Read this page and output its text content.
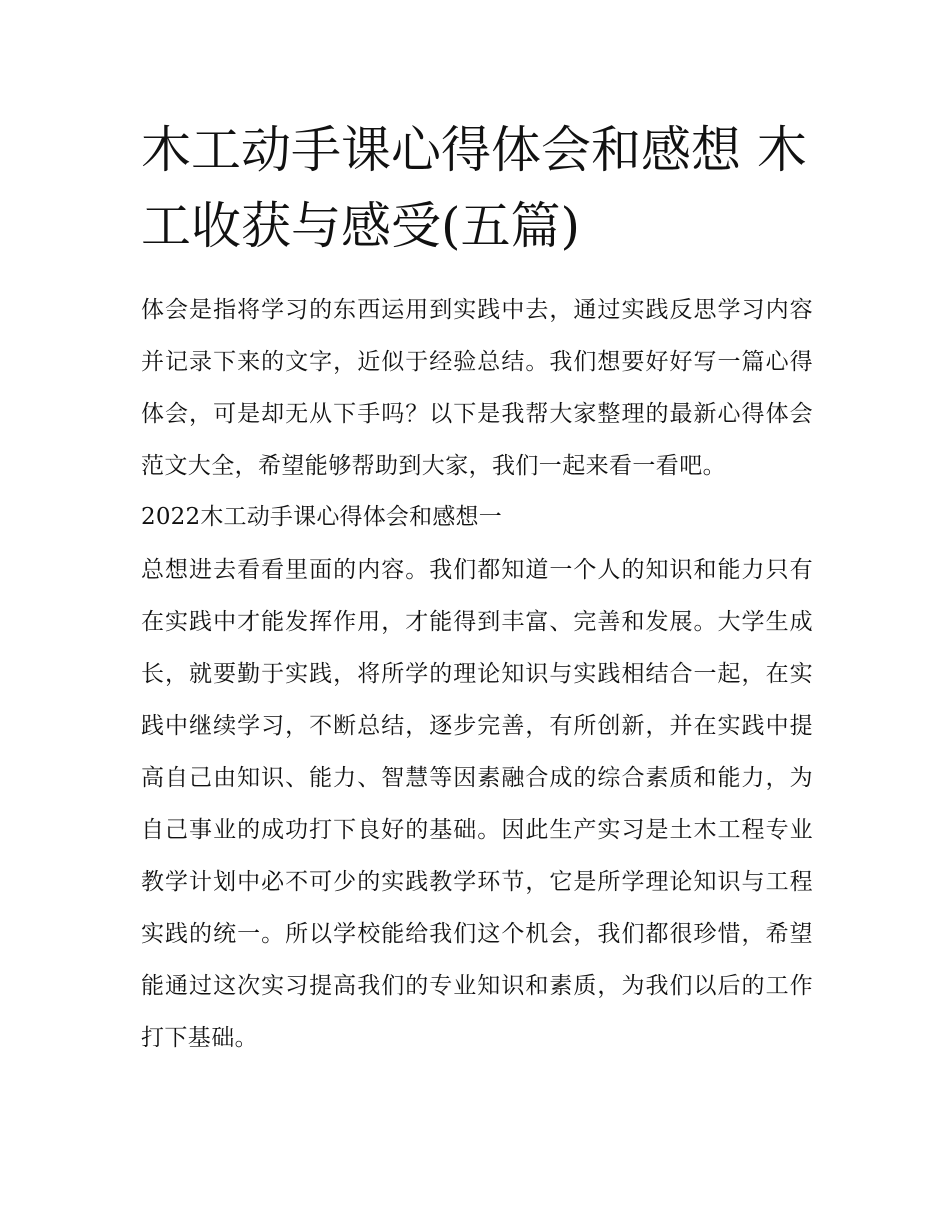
木工动手课心得体会和感想 木工收获与感受(五篇)

体会是指将学习的东西运用到实践中去，通过实践反思学习内容并记录下来的文字，近似于经验总结。我们想要好好写一篇心得体会，可是却无从下手吗？以下是我帮大家整理的最新心得体会范文大全，希望能够帮助到大家，我们一起来看一看吧。

2022木工动手课心得体会和感想一

总想进去看看里面的内容。我们都知道一个人的知识和能力只有在实践中才能发挥作用，才能得到丰富、完善和发展。大学生成长，就要勤于实践，将所学的理论知识与实践相结合一起，在实践中继续学习，不断总结，逐步完善，有所创新，并在实践中提高自己由知识、能力、智慧等因素融合成的综合素质和能力，为自己事业的成功打下良好的基础。因此生产实习是土木工程专业教学计划中必不可少的实践教学环节，它是所学理论知识与工程实践的统一。所以学校能给我们这个机会，我们都很珍惜，希望能通过这次实习提高我们的专业知识和素质，为我们以后的工作打下基础。
